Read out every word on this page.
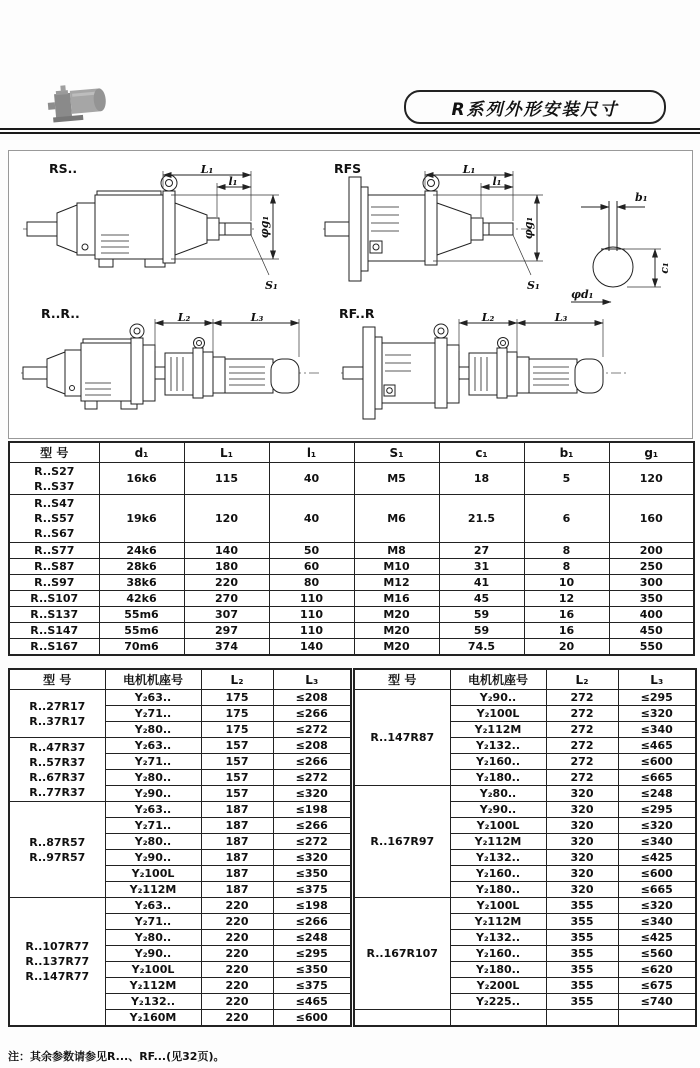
R系列外形安装尺寸
RS..	RFS
R..R..	RF..R
L₁
l₁
φg₁
S₁
L₁
l₁
φg₁
S₁
b₁
c₁
φd₁
L₂	L₃	L₂	L₃
型 号	d₁	L₁	l₁	S₁	c₁	b₁	g₁

R..S27
R..S37	16k6	115	40	M5	18	5	120

R..S47
R..S57
R..S67	19k6	120	40	M6	21.5	6	160

R..S77	24k6	140	50	M8	27	8	200

R..S87	28k6	180	60	M10	31	8	250

R..S97	38k6	220	80	M12	41	10	300

R..S107	42k6	270	110	M16	45	12	350

R..S137	55m6	307	110	M20	59	16	400

R..S147	55m6	297	110	M20	59	16	450

R..S167	70m6	374	140	M20	74.5	20	550
型 号	电机机座号	L₂	L₃

R..27R17
R..37R17	Y₂63..	175	≤208
	Y₂71..	175	≤266
	Y₂80..	175	≤272

R..47R37
R..57R37
R..67R37
R..77R37	Y₂63..	157	≤208
	Y₂71..	157	≤266
	Y₂80..	157	≤272
	Y₂90..	157	≤320

R..87R57
R..97R57	Y₂63..	187	≤198
	Y₂71..	187	≤266
	Y₂80..	187	≤272
	Y₂90..	187	≤320
	Y₂100L	187	≤350
	Y₂112M	187	≤375

R..107R77
R..137R77
R..147R77	Y₂63..	220	≤198
	Y₂71..	220	≤266
	Y₂80..	220	≤248
	Y₂90..	220	≤295
	Y₂100L	220	≤350
	Y₂112M	220	≤375
	Y₂132..	220	≤465
	Y₂160M	220	≤600
型 号	电机机座号	L₂	L₃

R..147R87	Y₂90..	272	≤295
	Y₂100L	272	≤320
	Y₂112M	272	≤340
	Y₂132..	272	≤465
	Y₂160..	272	≤600
	Y₂180..	272	≤665

R..167R97	Y₂80..	320	≤248
	Y₂90..	320	≤295
	Y₂100L	320	≤320
	Y₂112M	320	≤340
	Y₂132..	320	≤425
	Y₂160..	320	≤600
	Y₂180..	320	≤665

R..167R107	Y₂100L	355	≤320
	Y₂112M	355	≤340
	Y₂132..	355	≤425
	Y₂160..	355	≤560
	Y₂180..	355	≤620
	Y₂200L	355	≤675
	Y₂225..	355	≤740

注：其余参数请参见R...、RF...(见32页)。
